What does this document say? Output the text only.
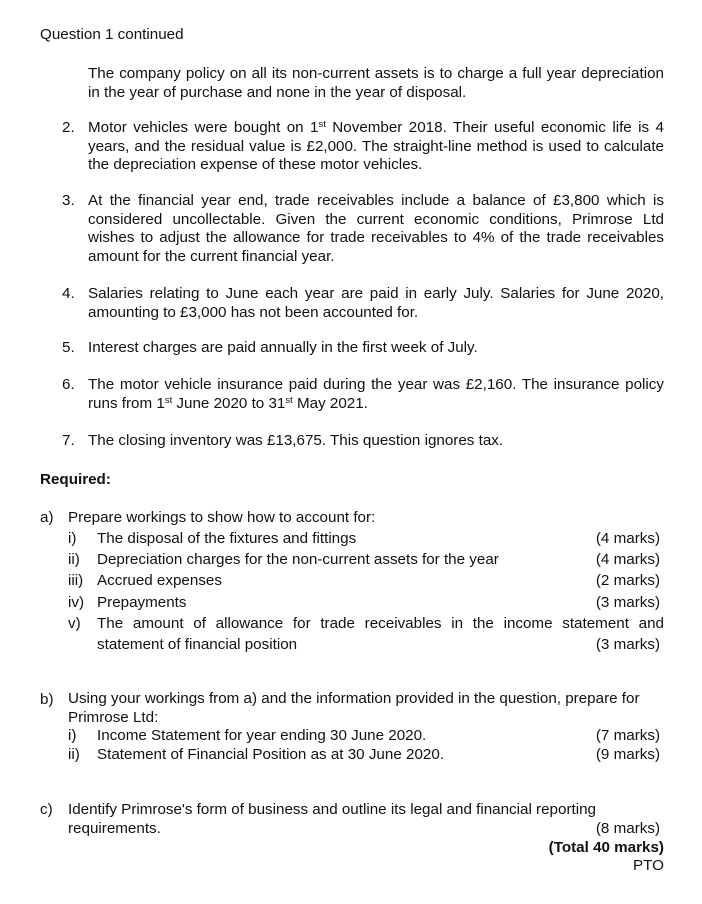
Question 1 continued
The company policy on all its non-current assets is to charge a full year depreciation in the year of purchase and none in the year of disposal.
2. Motor vehicles were bought on 1st November 2018. Their useful economic life is 4 years, and the residual value is £2,000. The straight-line method is used to calculate the depreciation expense of these motor vehicles.
3. At the financial year end, trade receivables include a balance of £3,800 which is considered uncollectable. Given the current economic conditions, Primrose Ltd wishes to adjust the allowance for trade receivables to 4% of the trade receivables amount for the current financial year.
4. Salaries relating to June each year are paid in early July. Salaries for June 2020, amounting to £3,000 has not been accounted for.
5. Interest charges are paid annually in the first week of July.
6. The motor vehicle insurance paid during the year was £2,160. The insurance policy runs from 1st June 2020 to 31st May 2021.
7. The closing inventory was £13,675. This question ignores tax.
Required:
a) Prepare workings to show how to account for:
i) The disposal of the fixtures and fittings	(4 marks)
ii) Depreciation charges for the non-current assets for the year	(4 marks)
iii) Accrued expenses	(2 marks)
iv) Prepayments	(3 marks)
v) The amount of allowance for trade receivables in the income statement and
statement of financial position	(3 marks)
b) Using your workings from a) and the information provided in the question, prepare for Primrose Ltd:
i) Income Statement for year ending 30 June 2020.	(7 marks)
ii) Statement of Financial Position as at 30 June 2020.	(9 marks)
c) Identify Primrose's form of business and outline its legal and financial reporting
requirements.	(8 marks)
(Total 40 marks)
PTO
